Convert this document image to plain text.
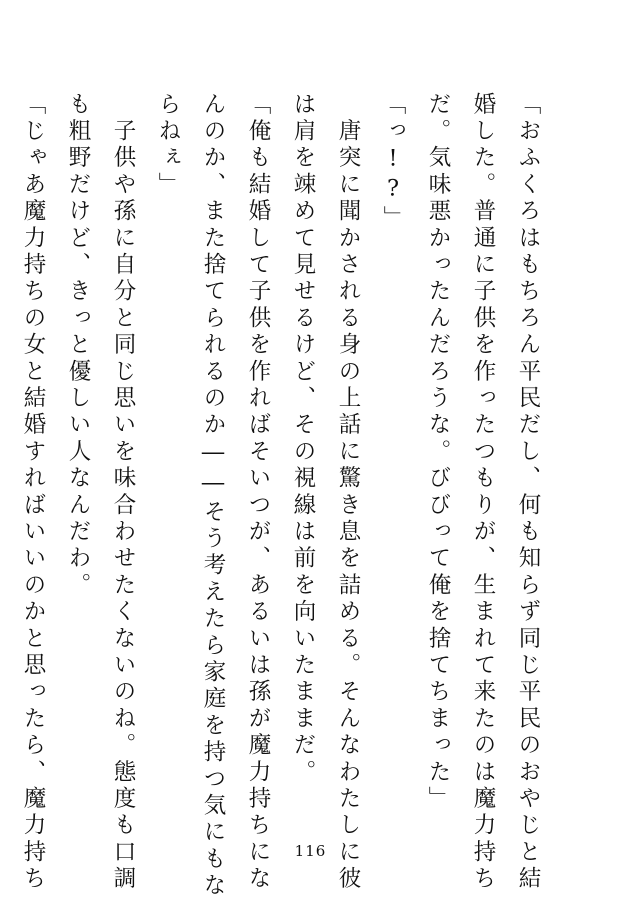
「おふくろはもちろん平民だし、何も知らず同じ平民のおやじと結
婚した。普通に子供を作ったつもりが、生まれて来たのは魔力持ち
だ。気味悪かったんだろうな。びびって俺を捨てちまった」
「っ!?」
　唐突に聞かされる身の上話に驚き息を詰める。そんなわたしに彼
は肩を竦めて見せるけど、その視線は前を向いたままだ。
「俺も結婚して子供を作ればそいつが、あるいは孫が魔力持ちにな
んのか、また捨てられるのか――そう考えたら家庭を持つ気にもな
らねぇ」
　子供や孫に自分と同じ思いを味合わせたくないのね。態度も口調
も粗野だけど、きっと優しい人なんだわ。
「じゃあ魔力持ちの女と結婚すればいいのかと思ったら、魔力持ち	116
